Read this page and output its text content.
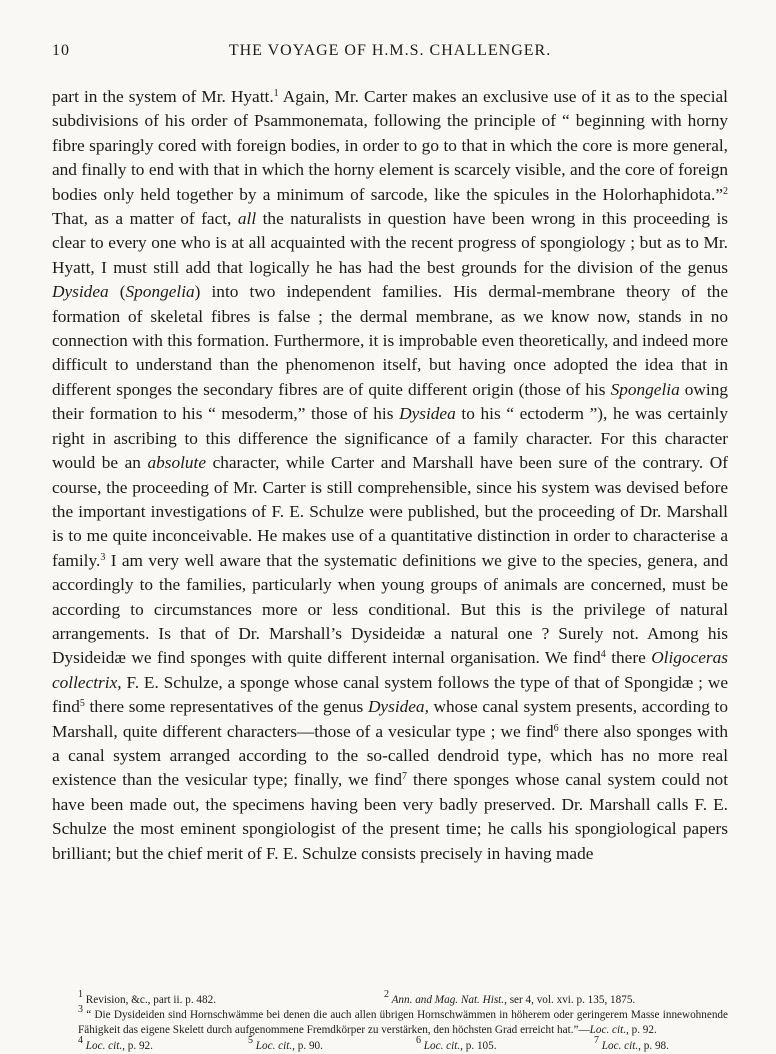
10	THE VOYAGE OF H.M.S. CHALLENGER.

part in the system of Mr. Hyatt.$^1$ Again, Mr. Carter makes an exclusive use of it as to the special subdivisions of his order of Psammonemata, following the principle of “ beginning with horny fibre sparingly cored with foreign bodies, in order to go to that in which the core is more general, and finally to end with that in which the horny element is scarcely visible, and the core of foreign bodies only held together by a minimum of sarcode, like the spicules in the Holorhaphidota.”$^2$ That, as a matter of fact, all the naturalists in question have been wrong in this proceeding is clear to every one who is at all acquainted with the recent progress of spongiology ; but as to Mr. Hyatt, I must still add that logically he has had the best grounds for the division of the genus Dysidea (Spongelia) into two independent families. His dermal-membrane theory of the formation of skeletal fibres is false ; the dermal membrane, as we know now, stands in no connection with this formation. Furthermore, it is improbable even theoretically, and indeed more difficult to understand than the phenomenon itself, but having once adopted the idea that in different sponges the secondary fibres are of quite different origin (those of his Spongelia owing their formation to his “ mesoderm,” those of his Dysidea to his “ ectoderm ”), he was certainly right in ascribing to this difference the significance of a family character. For this character would be an absolute character, while Carter and Marshall have been sure of the contrary. Of course, the proceeding of Mr. Carter is still comprehensible, since his system was devised before the important investigations of F. E. Schulze were published, but the proceeding of Dr. Marshall is to me quite inconceivable. He makes use of a quantitative distinction in order to characterise a family.$^3$ I am very well aware that the systematic definitions we give to the species, genera, and accordingly to the families, particularly when young groups of animals are concerned, must be according to circumstances more or less conditional. But this is the privilege of natural arrangements. Is that of Dr. Marshall’s Dysideidæ a natural one ? Surely not. Among his Dysideidæ we find sponges with quite different internal organisation. We find$^4$ there Oligoceras collectrix, F. E. Schulze, a sponge whose canal system follows the type of that of Spongidæ ; we find$^5$ there some representatives of the genus Dysidea, whose canal system presents, according to Marshall, quite different characters—those of a vesicular type ; we find$^6$ there also sponges with a canal system arranged according to the so-called dendroid type, which has no more real existence than the vesicular type; finally, we find$^7$ there sponges whose canal system could not have been made out, the specimens having been very badly preserved. Dr. Marshall calls F. E. Schulze the most eminent spongiologist of the present time; he calls his spongiological papers brilliant; but the chief merit of F. E. Schulze consists precisely in having made

$^1$ Revision, &c., part ii. p. 482.	$^2$ Ann. and Mag. Nat. Hist., ser 4, vol. xvi. p. 135, 1875.
$^3$ “ Die Dysideiden sind Hornschwämme bei denen die auch allen übrigen Hornschwämmen in höherem oder geringerem Masse innewohnende Fähigkeit das eigene Skelett durch aufgenommene Fremdkörper zu verstärken, den höchsten Grad erreicht hat.”—Loc. cit., p. 92.
$^4$ Loc. cit., p. 92.	$^5$ Loc. cit., p. 90.	$^6$ Loc. cit., p. 105.	$^7$ Loc. cit., p. 98.
